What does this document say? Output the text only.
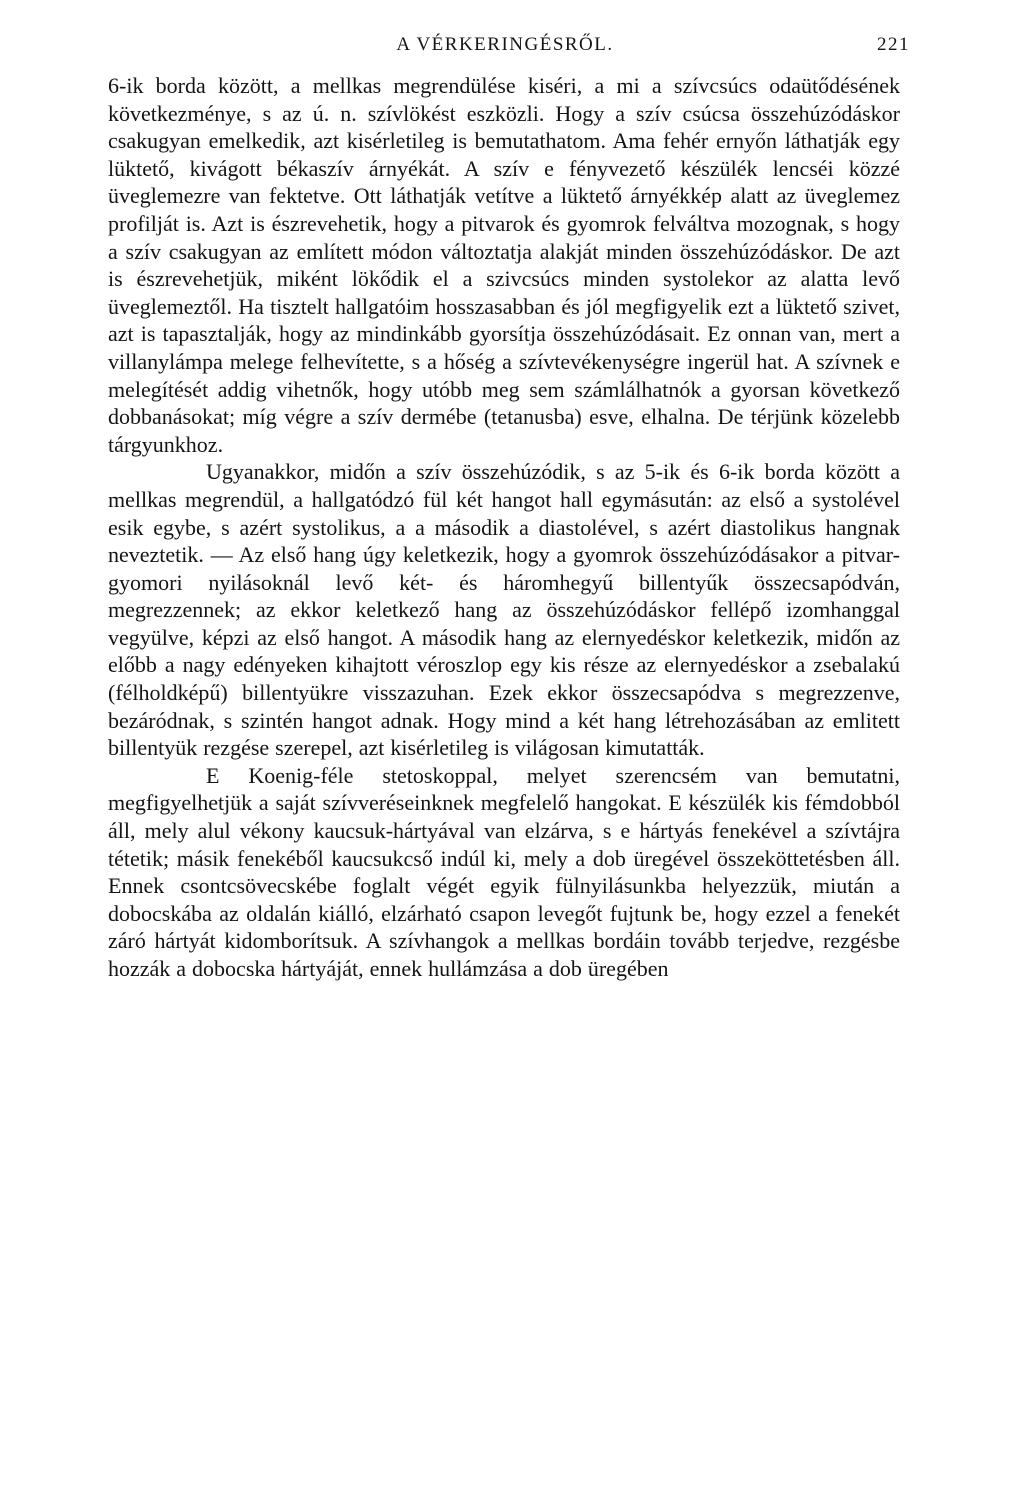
A VÉRKERINGÉSRŐL.	221

6-ik borda között, a mellkas megrendülése kiséri, a mi a szívcsúcs odaütődésének következménye, s az ú. n. szívlökést eszközli. Hogy a szív csúcsa összehúzódáskor csakugyan emelkedik, azt kisérletileg is bemutathatom. Ama fehér ernyőn láthatják egy lüktető, kivágott békaszív árnyékát. A szív e fényvezető készülék lencséi közzé üveglemezre van fektetve. Ott láthatják vetítve a lüktető árnyékkép alatt az üveglemez profilját is. Azt is észrevehetik, hogy a pitvarok és gyomrok felváltva mozognak, s hogy a szív csakugyan az említett módon változtatja alakját minden összehúzódáskor. De azt is észrevehetjük, miként lökődik el a szivcsúcs minden systolekor az alatta levő üveglemeztől. Ha tisztelt hallgatóim hosszasabban és jól megfigyelik ezt a lüktető szivet, azt is tapasztalják, hogy az mindinkább gyorsítja összehúzódásait. Ez onnan van, mert a villanylámpa melege felhevítette, s a hőség a szívtevékenységre ingerül hat. A szívnek e melegítését addig vihetnők, hogy utóbb meg sem számlálhatnók a gyorsan következő dobbanásokat; míg végre a szív dermébe (tetanusba) esve, elhalna. De térjünk közelebb tárgyunkhoz.

Ugyanakkor, midőn a szív összehúzódik, s az 5-ik és 6-ik borda között a mellkas megrendül, a hallgatódzó fül két hangot hall egymásután: az első a systolével esik egybe, s azért systolikus, a a második a diastolével, s azért diastolikus hangnak neveztetik. — Az első hang úgy keletkezik, hogy a gyomrok összehúzódásakor a pitvar-gyomori nyilásoknál levő két- és háromhegyű billentyűk összecsapódván, megrezzennek; az ekkor keletkező hang az összehúzódáskor fellépő izomhanggal vegyülve, képzi az első hangot. A második hang az elernyedéskor keletkezik, midőn az előbb a nagy edényeken kihajtott véroszlop egy kis része az elernyedéskor a zsebalakú (félholdképű) billentyükre visszazuhan. Ezek ekkor összecsapódva s megrezzenve, bezáródnak, s szintén hangot adnak. Hogy mind a két hang létrehozásában az emlitett billentyük rezgése szerepel, azt kisérletileg is világosan kimutatták.

E Koenig-féle stetoskoppal, melyet szerencsém van bemutatni, megfigyelhetjük a saját szívveréseinknek megfelelő hangokat. E készülék kis fémdobból áll, mely alul vékony kaucsuk-hártyával van elzárva, s e hártyás fenekével a szívtájra tétetik; másik fenekéből kaucsukcső indúl ki, mely a dob üregével összeköttetésben áll. Ennek csontcsövecskébe foglalt végét egyik fülnyilásunkba helyezzük, miután a dobocskába az oldalán kiálló, elzárható csapon levegőt fujtunk be, hogy ezzel a fenekét záró hártyát kidomborítsuk. A szívhangok a mellkas bordáin tovább terjedve, rezgésbe hozzák a dobocska hártyáját, ennek hullámzása a dob üregében
